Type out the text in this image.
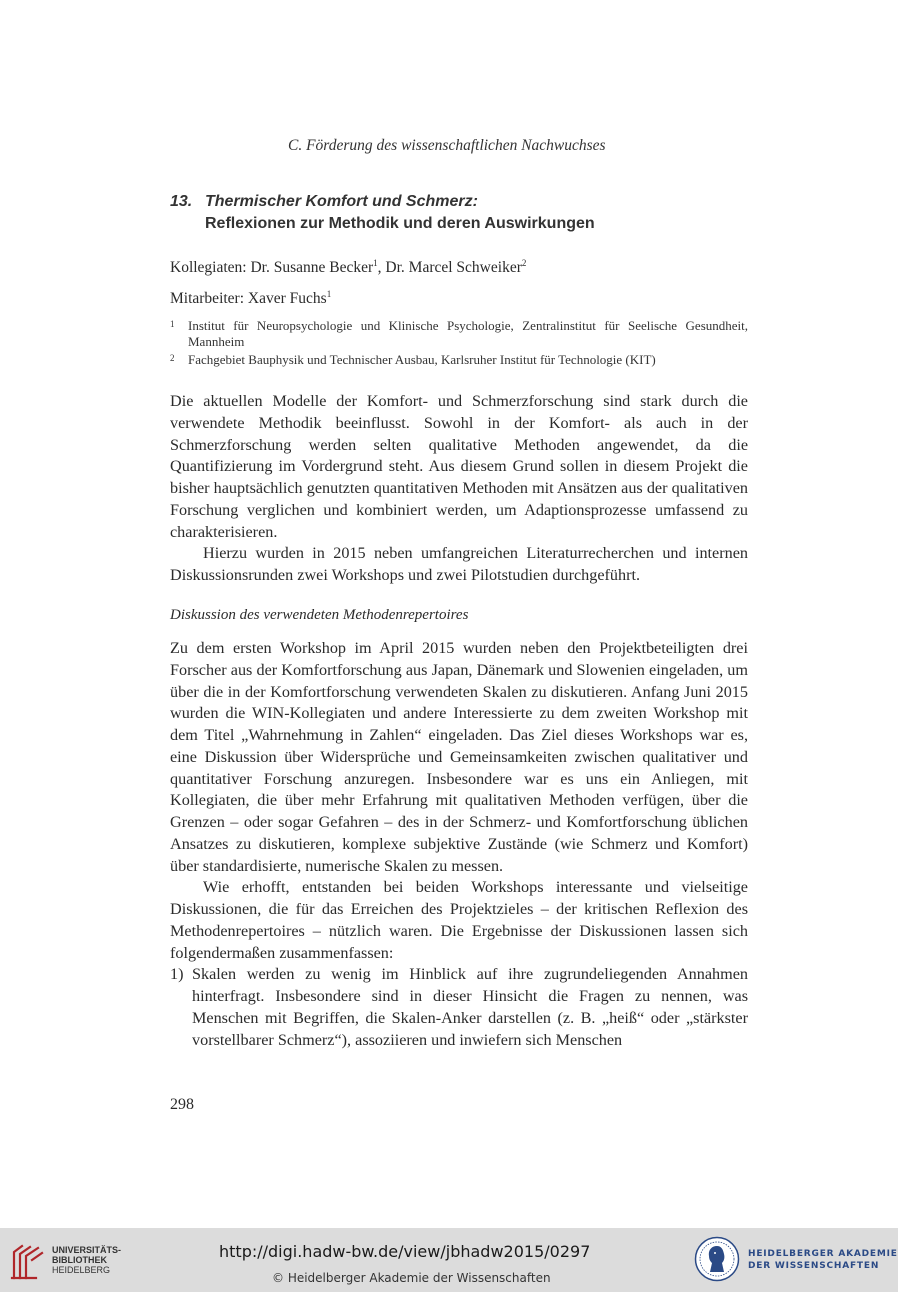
C. Förderung des wissenschaftlichen Nachwuchses
13. Thermischer Komfort und Schmerz:
Reflexionen zur Methodik und deren Auswirkungen
Kollegiaten: Dr. Susanne Becker$^1$, Dr. Marcel Schweiker$^2$
Mitarbeiter: Xaver Fuchs$^1$
1 Institut für Neuropsychologie und Klinische Psychologie, Zentralinstitut für Seelische Gesundheit, Mannheim
2 Fachgebiet Bauphysik und Technischer Ausbau, Karlsruher Institut für Technologie (KIT)

Die aktuellen Modelle der Komfort- und Schmerzforschung sind stark durch die verwendete Methodik beeinflusst. Sowohl in der Komfort- als auch in der Schmerzforschung werden selten qualitative Methoden angewendet, da die Quantifizierung im Vordergrund steht. Aus diesem Grund sollen in diesem Projekt die bisher hauptsächlich genutzten quantitativen Methoden mit Ansätzen aus der qualitativen Forschung verglichen und kombiniert werden, um Adaptionsprozesse umfassend zu charakterisieren.

Hierzu wurden in 2015 neben umfangreichen Literaturrecherchen und internen Diskussionsrunden zwei Workshops und zwei Pilotstudien durchgeführt.

Diskussion des verwendeten Methodenrepertoires

Zu dem ersten Workshop im April 2015 wurden neben den Projektbeteiligten drei Forscher aus der Komfortforschung aus Japan, Dänemark und Slowenien eingeladen, um über die in der Komfortforschung verwendeten Skalen zu diskutieren. Anfang Juni 2015 wurden die WIN-Kollegiaten und andere Interessierte zu dem zweiten Workshop mit dem Titel „Wahrnehmung in Zahlen“ eingeladen. Das Ziel dieses Workshops war es, eine Diskussion über Widersprüche und Gemeinsamkeiten zwischen qualitativer und quantitativer Forschung anzuregen. Insbesondere war es uns ein Anliegen, mit Kollegiaten, die über mehr Erfahrung mit qualitativen Methoden verfügen, über die Grenzen – oder sogar Gefahren – des in der Schmerz- und Komfortforschung üblichen Ansatzes zu diskutieren, komplexe subjektive Zustände (wie Schmerz und Komfort) über standardisierte, numerische Skalen zu messen.

Wie erhofft, entstanden bei beiden Workshops interessante und vielseitige Diskussionen, die für das Erreichen des Projektzieles – der kritischen Reflexion des Methodenrepertoires – nützlich waren. Die Ergebnisse der Diskussionen lassen sich folgendermaßen zusammenfassen:

1) Skalen werden zu wenig im Hinblick auf ihre zugrundeliegenden Annahmen hinterfragt. Insbesondere sind in dieser Hinsicht die Fragen zu nennen, was Menschen mit Begriffen, die Skalen-Anker darstellen (z. B. „heiß“ oder „stärkster vorstellbarer Schmerz“), assoziieren und inwiefern sich Menschen
298
UNIVERSITÄTS-
BIBLIOTHEK
HEIDELBERG
http://digi.hadw-bw.de/view/jbhadw2015/0297
© Heidelberger Akademie der Wissenschaften
HEIDELBERGER AKADEMIE
DER WISSENSCHAFTEN
